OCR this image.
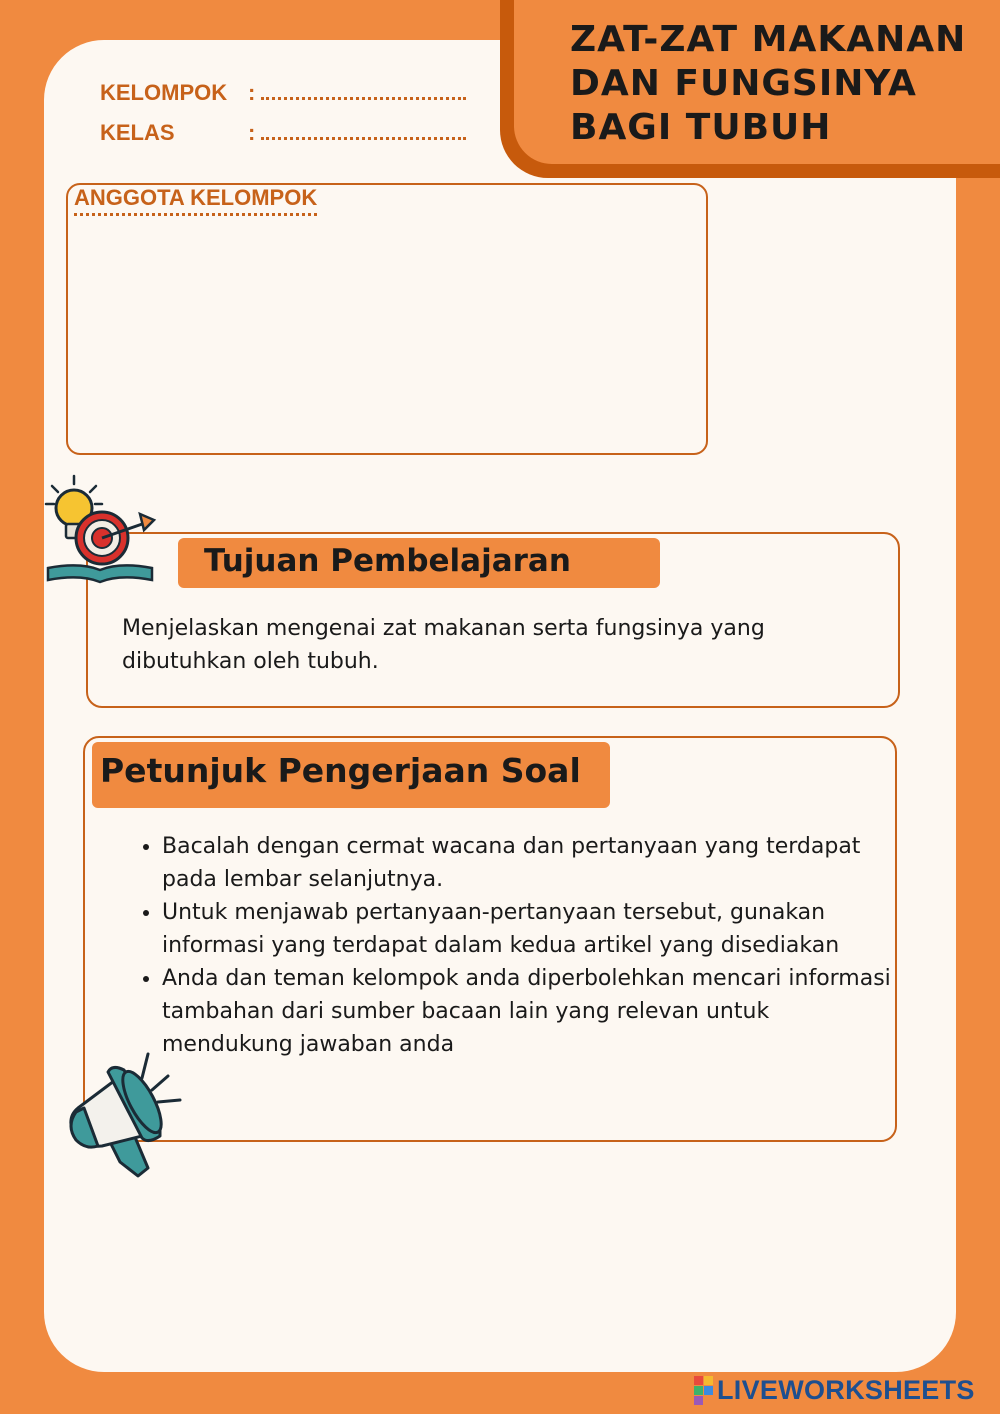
ZAT-ZAT MAKANAN
DAN FUNGSINYA
BAGI TUBUH
KELOMPOK :
KELAS	:
ANGGOTA KELOMPOK
Tujuan Pembelajaran
Menjelaskan mengenai zat makanan serta fungsinya yang dibutuhkan oleh tubuh.
Petunjuk Pengerjaan Soal
• Bacalah dengan cermat wacana dan pertanyaan yang terdapat pada lembar selanjutnya.
• Untuk menjawab pertanyaan-pertanyaan tersebut, gunakan informasi yang terdapat dalam kedua artikel yang disediakan
• Anda dan teman kelompok anda diperbolehkan mencari informasi tambahan dari sumber bacaan lain yang relevan untuk mendukung jawaban anda
LIVEWORKSHEETS
